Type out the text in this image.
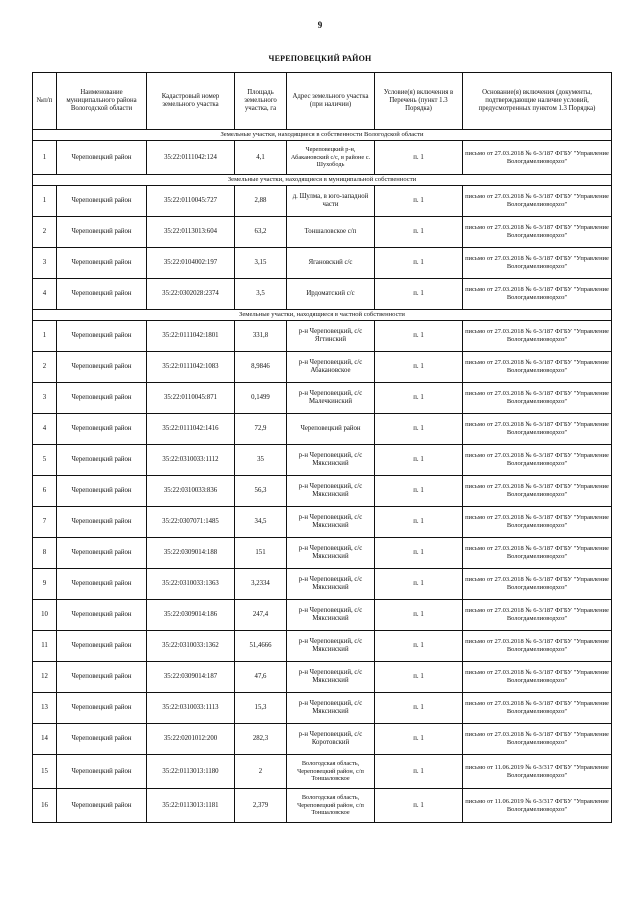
9
ЧЕРЕПОВЕЦКИЙ РАЙОН
№п/п	Наименование муниципального района Вологодской области	Кадастровый номер земельного участка	Площадь земельного участка, га	Адрес земельного участка (при наличии)	Условие(я) включения в Перечень (пункт 1.3 Порядка)	Основание(я) включения (документы, подтверждающие наличие условий, предусмотренных пунктом 1.3 Порядка)
Земельные участки, находящиеся в собственности Вологодской области						
1	Череповецкий район	35:22:0111042:124	4,1	Череповецкий р-н, Абакановский с/с, в районе с. Шухободь	п. 1	письмо от 27.03.2018 № 6-3/187 ФГБУ "Управление Вологдамелиоводхоз"
Земельные участки, находящиеся в муниципальной собственности						
1	Череповецкий район	35:22:0110045:727	2,88	д. Шулма, в юго-западной части	п. 1	письмо от 27.03.2018 № 6-3/187 ФГБУ "Управление Вологдамелиоводхоз"
2	Череповецкий район	35:22:0113013:604	63,2	Тоншаловское с/п	п. 1	письмо от 27.03.2018 № 6-3/187 ФГБУ "Управление Вологдамелиоводхоз"
3	Череповецкий район	35:22:0104002:197	3,15	Ягановский с/с	п. 1	письмо от 27.03.2018 № 6-3/187 ФГБУ "Управление Вологдамелиоводхоз"
4	Череповецкий район	35:22:0302028:2374	3,5	Ирдоматский с/с	п. 1	письмо от 27.03.2018 № 6-3/187 ФГБУ "Управление Вологдамелиоводхоз"
Земельные участки, находящиеся в частной собственности						
1	Череповецкий район	35:22:0111042:1801	331,8	р-н Череповецкий, с/с Ягтинский	п. 1	письмо от 27.03.2018 № 6-3/187 ФГБУ "Управление Вологдамелиоводхоз"
2	Череповецкий район	35:22:0111042:1083	8,9846	р-н Череповецкий, с/с Абакановское	п. 1	письмо от 27.03.2018 № 6-3/187 ФГБУ "Управление Вологдамелиоводхоз"
3	Череповецкий район	35:22:0110045:871	0,1499	р-н Череповецкий, с/с Малечкинский	п. 1	письмо от 27.03.2018 № 6-3/187 ФГБУ "Управление Вологдамелиоводхоз"
4	Череповецкий район	35:22:0111042:1416	72,9	Череповецкий район	п. 1	письмо от 27.03.2018 № 6-3/187 ФГБУ "Управление Вологдамелиоводхоз"
5	Череповецкий район	35:22:0310033:1112	35	р-н Череповецкий, с/с Мяксинский	п. 1	письмо от 27.03.2018 № 6-3/187 ФГБУ "Управление Вологдамелиоводхоз"
6	Череповецкий район	35:22:0310033:836	56,3	р-н Череповецкий, с/с Мяксинский	п. 1	письмо от 27.03.2018 № 6-3/187 ФГБУ "Управление Вологдамелиоводхоз"
7	Череповецкий район	35:22:0307071:1485	34,5	р-н Череповецкий, с/с Мяксинский	п. 1	письмо от 27.03.2018 № 6-3/187 ФГБУ "Управление Вологдамелиоводхоз"
8	Череповецкий район	35:22:0309014:188	151	р-н Череповецкий, с/с Мяксинский	п. 1	письмо от 27.03.2018 № 6-3/187 ФГБУ "Управление Вологдамелиоводхоз"
9	Череповецкий район	35:22:0310033:1363	3,2334	р-н Череповецкий, с/с Мяксинский	п. 1	письмо от 27.03.2018 № 6-3/187 ФГБУ "Управление Вологдамелиоводхоз"
10	Череповецкий район	35:22:0309014:186	247,4	р-н Череповецкий, с/с Мяксинский	п. 1	письмо от 27.03.2018 № 6-3/187 ФГБУ "Управление Вологдамелиоводхоз"
11	Череповецкий район	35:22:0310033:1362	51,4666	р-н Череповецкий, с/с Мяксинский	п. 1	письмо от 27.03.2018 № 6-3/187 ФГБУ "Управление Вологдамелиоводхоз"
12	Череповецкий район	35:22:0309014:187	47,6	р-н Череповецкий, с/с Мяксинский	п. 1	письмо от 27.03.2018 № 6-3/187 ФГБУ "Управление Вологдамелиоводхоз"
13	Череповецкий район	35:22:0310033:1113	15,3	р-н Череповецкий, с/с Мяксинский	п. 1	письмо от 27.03.2018 № 6-3/187 ФГБУ "Управление Вологдамелиоводхоз"
14	Череповецкий район	35:22:0201012:200	282,3	р-н Череповецкий, с/с Коротовский	п. 1	письмо от 27.03.2018 № 6-3/187 ФГБУ "Управление Вологдамелиоводхоз"
15	Череповецкий район	35:22:0113013:1180	2	Вологодская область, Череповецкий район, с/п Тоншаловское	п. 1	письмо от 11.06.2019 № 6-3/317 ФГБУ "Управление Вологдамелиоводхоз"
16	Череповецкий район	35:22:0113013:1181	2,379	Вологодская область, Череповецкий район, с/п Тоншаловское	п. 1	письмо от 11.06.2019 № 6-3/317 ФГБУ "Управление Вологдамелиоводхоз"
